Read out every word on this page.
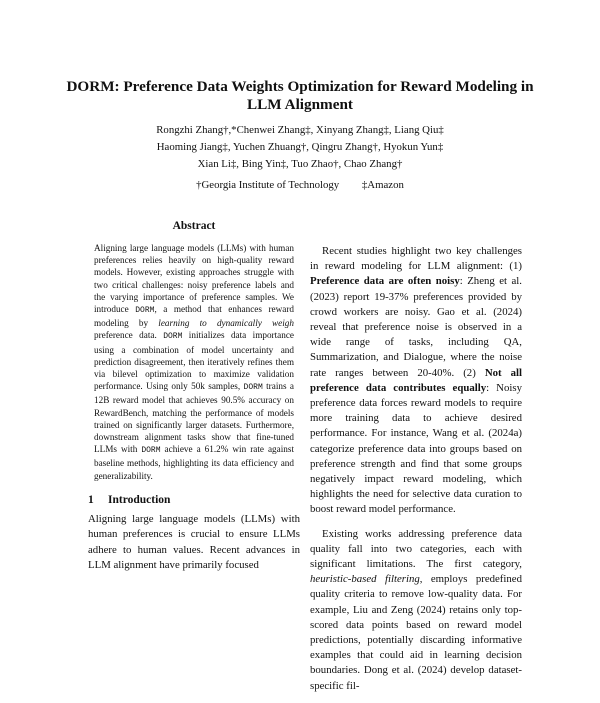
DORM: Preference Data Weights Optimization for Reward Modeling in LLM Alignment
Rongzhi Zhang†,*Chenwei Zhang‡, Xinyang Zhang‡, Liang Qiu‡
Haoming Jiang‡, Yuchen Zhuang†, Qingru Zhang†, Hyokun Yun‡
Xian Li‡, Bing Yin‡, Tuo Zhao†, Chao Zhang†
†Georgia Institute of Technology ‡Amazon
Abstract

Aligning large language models (LLMs) with human preferences relies heavily on high-quality reward models. However, existing approaches struggle with two critical challenges: noisy preference labels and the varying importance of preference samples. We introduce DORM, a method that enhances reward modeling by learning to dynamically weigh preference data. DORM initializes data importance using a combination of model uncertainty and prediction disagreement, then iteratively refines them via bilevel optimization to maximize validation performance. Using only 50k samples, DORM trains a 12B reward model that achieves 90.5% accuracy on RewardBench, matching the performance of models trained on significantly larger datasets. Furthermore, downstream alignment tasks show that fine-tuned LLMs with DORM achieve a 61.2% win rate against baseline methods, highlighting its data efficiency and generalizability.

1 Introduction

Aligning large language models (LLMs) with human preferences is crucial to ensure LLMs adhere to human values. Recent advances in LLM alignment have primarily focused

Recent studies highlight two key challenges in reward modeling for LLM alignment: (1) Preference data are often noisy: Zheng et al. (2023) report 19-37% preferences provided by crowd workers are noisy. Gao et al. (2024) reveal that preference noise is observed in a wide range of tasks, including QA, Summarization, and Dialogue, where the noise rate ranges between 20-40%. (2) Not all preference data contributes equally: Noisy preference data forces reward models to require more training data to achieve desired performance. For instance, Wang et al. (2024a) categorize preference data into groups based on preference strength and find that some groups negatively impact reward modeling, which highlights the need for selective data curation to boost reward model performance.

Existing works addressing preference data quality fall into two categories, each with significant limitations. The first category, heuristic-based filtering, employs predefined quality criteria to remove low-quality data. For example, Liu and Zeng (2024) retains only top-scored data points based on reward model predictions, potentially discarding informative examples that could aid in learning decision boundaries. Dong et al. (2024) develop dataset-specific fil-
